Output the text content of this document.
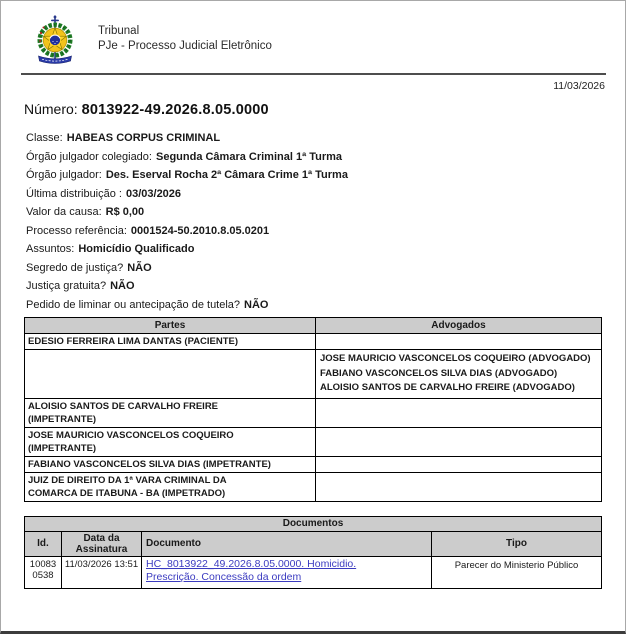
Tribunal
PJe - Processo Judicial Eletrônico
11/03/2026
Número: 8013922-49.2026.8.05.0000
Classe: HABEAS CORPUS CRIMINAL
Órgão julgador colegiado: Segunda Câmara Criminal 1ª Turma
Órgão julgador: Des. Eserval Rocha 2ª Câmara Crime 1ª Turma
Última distribuição : 03/03/2026
Valor da causa: R$ 0,00
Processo referência: 0001524-50.2010.8.05.0201
Assuntos: Homicídio Qualificado
Segredo de justiça? NÃO
Justiça gratuita? NÃO
Pedido de liminar ou antecipação de tutela? NÃO
Partes	Advogados

EDESIO FERREIRA LIMA DANTAS (PACIENTE)	

	JOSE MAURICIO VASCONCELOS COQUEIRO (ADVOGADO)
FABIANO VASCONCELOS SILVA DIAS (ADVOGADO)
ALOISIO SANTOS DE CARVALHO FREIRE (ADVOGADO)

ALOISIO SANTOS DE CARVALHO FREIRE (IMPETRANTE)	

JOSE MAURICIO VASCONCELOS COQUEIRO (IMPETRANTE)	

FABIANO VASCONCELOS SILVA DIAS (IMPETRANTE)	

JUIZ DE DIREITO DA 1ª VARA CRIMINAL DA COMARCA DE ITABUNA - BA (IMPETRADO)	

Documentos			
Id.	Data da Assinatura	Documento	Tipo
100830538	11/03/2026 13:51	HC_8013922_49.2026.8.05.0000. Homicidio. Prescrição. Concessão da ordem	Parecer do Ministerio Público
